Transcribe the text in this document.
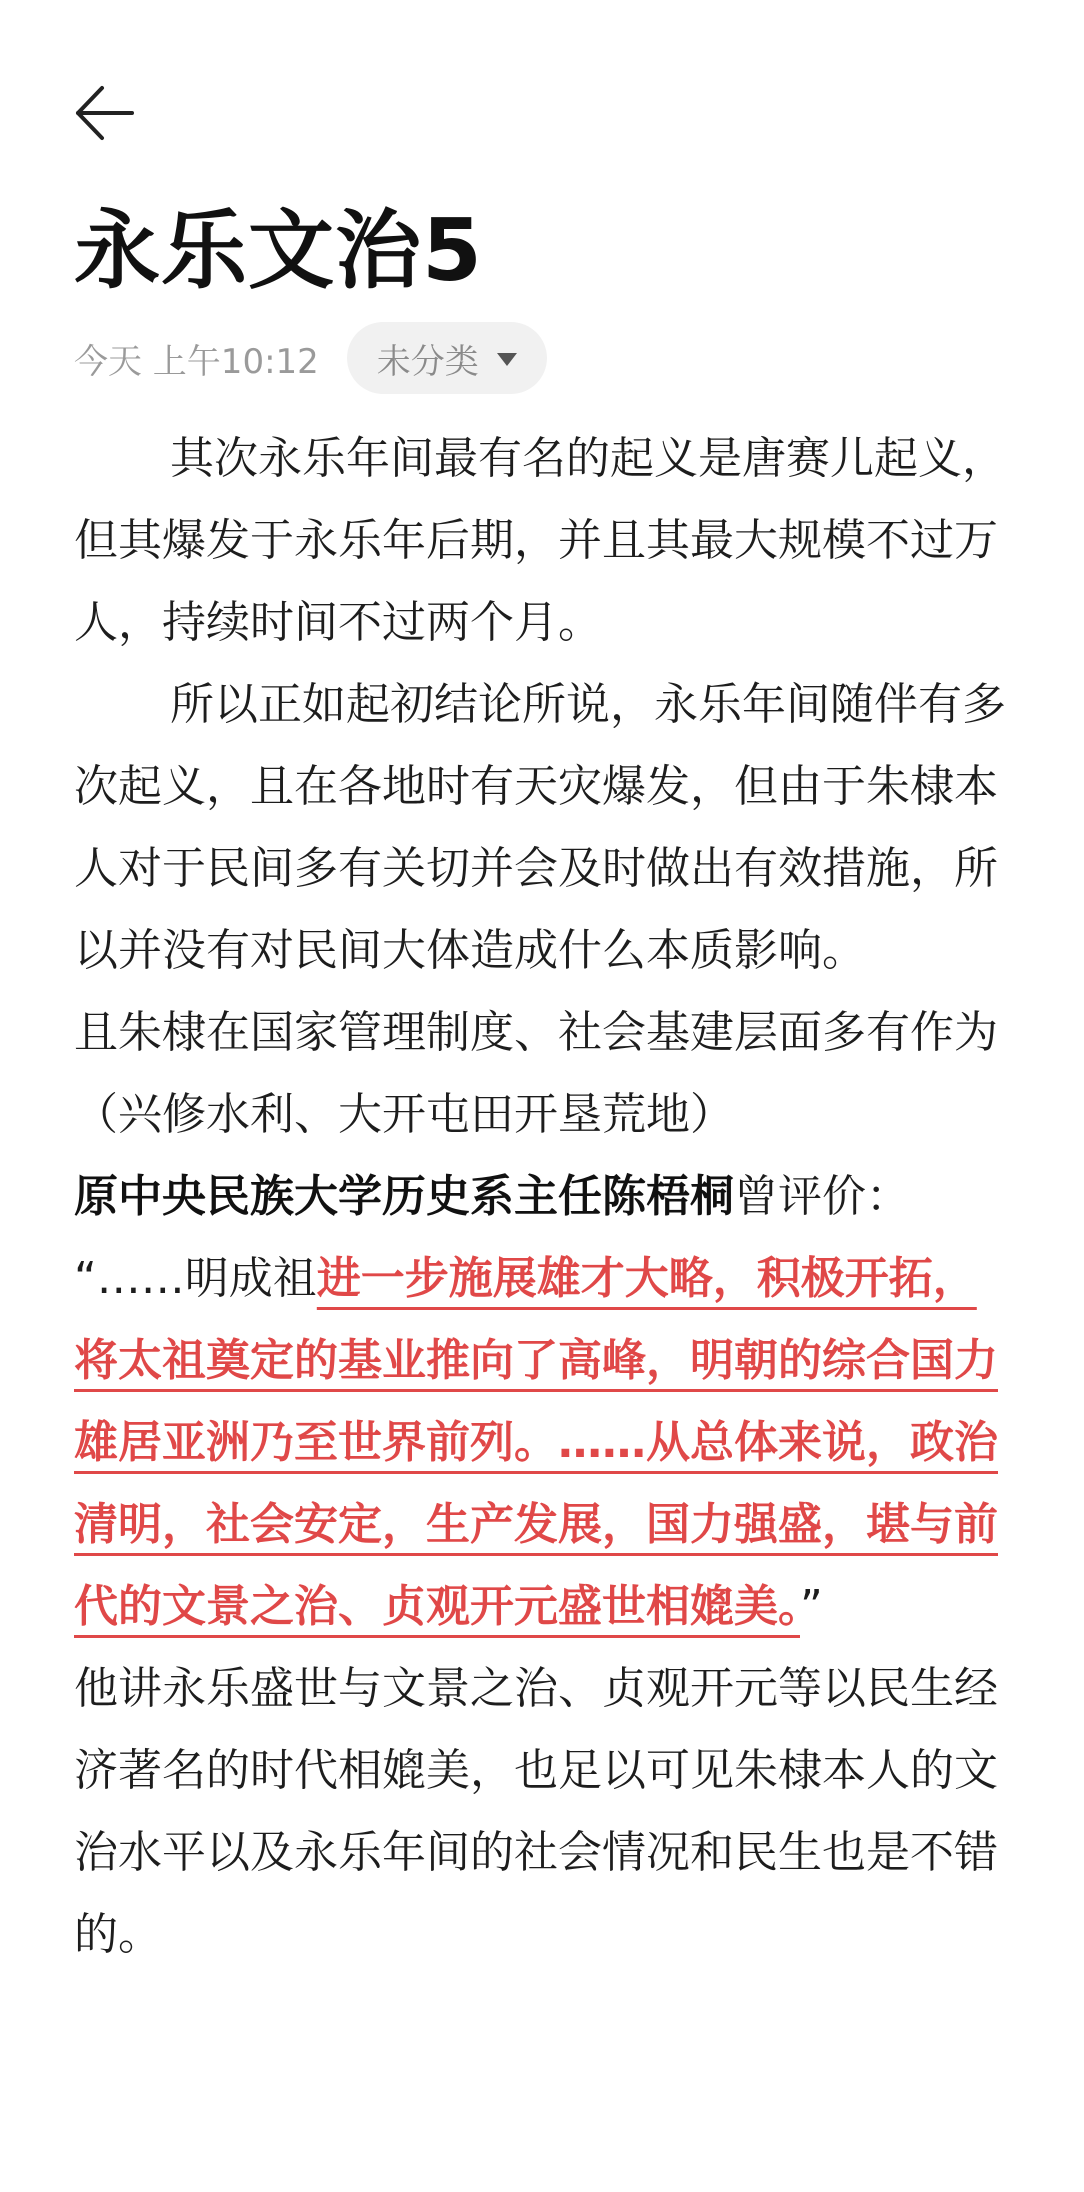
永乐文治5
今天 上午10:12 未分类

其次永乐年间最有名的起义是唐赛儿起义，但其爆发于永乐年后期，并且其最大规模不过万人，持续时间不过两个月。

所以正如起初结论所说，永乐年间随伴有多次起义，且在各地时有天灾爆发，但由于朱棣本人对于民间多有关切并会及时做出有效措施，所以并没有对民间大体造成什么本质影响。

且朱棣在国家管理制度、社会基建层面多有作为（兴修水利、大开屯田开垦荒地）

原中央民族大学历史系主任陈梧桐曾评价：

“……明成祖进一步施展雄才大略，积极开拓，将太祖奠定的基业推向了高峰，明朝的综合国力雄居亚洲乃至世界前列。……从总体来说，政治清明，社会安定，生产发展，国力强盛，堪与前代的文景之治、贞观开元盛世相媲美。”

他讲永乐盛世与文景之治、贞观开元等以民生经济著名的时代相媲美，也足以可见朱棣本人的文治水平以及永乐年间的社会情况和民生也是不错的。
